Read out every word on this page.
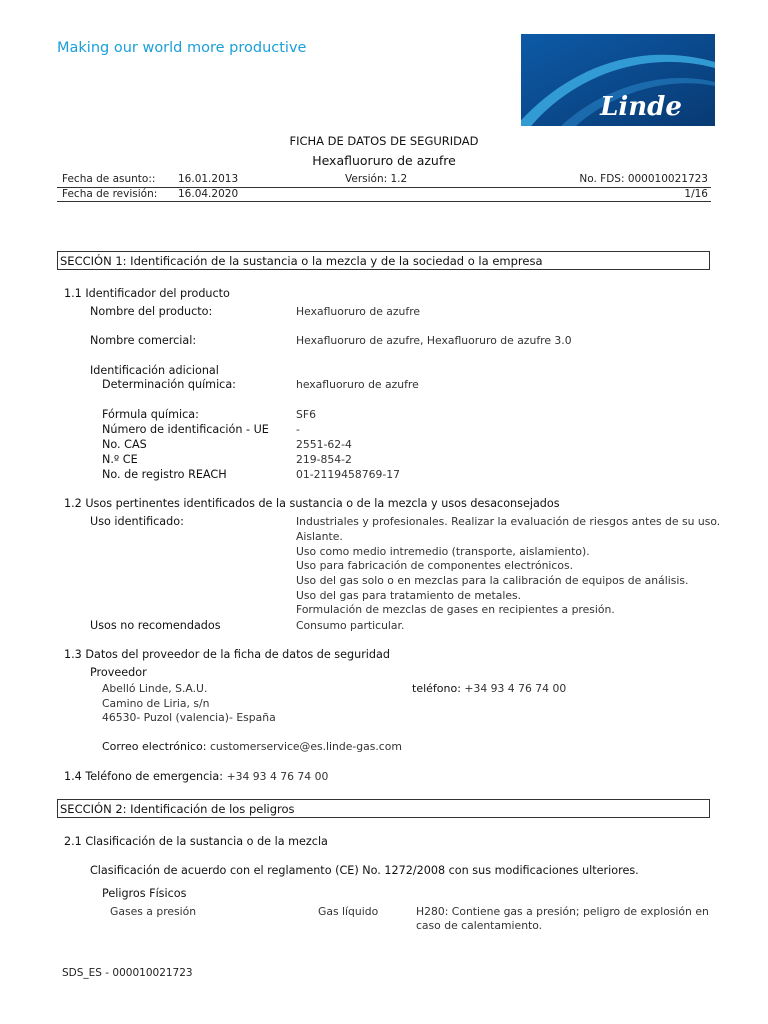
Making our world more productive
Linde
FICHA DE DATOS DE SEGURIDAD
Hexafluoruro de azufre
Fecha de asunto:: 16.01.2013	Versión: 1.2	No. FDS: 000010021723
Fecha de revisión: 16.04.2020	1/16
SECCIÓN 1: Identificación de la sustancia o la mezcla y de la sociedad o la empresa
1.1 Identificador del producto
Nombre del producto:	Hexafluoruro de azufre
Nombre comercial:	Hexafluoruro de azufre, Hexafluoruro de azufre 3.0
Identificación adicional
Determinación química:	hexafluoruro de azufre
Fórmula química:	SF6
Número de identificación - UE	-
No. CAS	2551-62-4
N.º CE	219-854-2
No. de registro REACH	01-2119458769-17
1.2 Usos pertinentes identificados de la sustancia o de la mezcla y usos desaconsejados
Uso identificado:	Industriales y profesionales. Realizar la evaluación de riesgos antes de su uso.
Aislante.
Uso como medio intremedio (transporte, aislamiento).
Uso para fabricación de componentes electrónicos.
Uso del gas solo o en mezclas para la calibración de equipos de análisis.
Uso del gas para tratamiento de metales.
Formulación de mezclas de gases en recipientes a presión.
Usos no recomendados	Consumo particular.
1.3 Datos del proveedor de la ficha de datos de seguridad
Proveedor
Abelló Linde, S.A.U.
Camino de Liria, s/n
46530- Puzol (valencia)- España
teléfono: +34 93 4 76 74 00
Correo electrónico: customerservice@es.linde-gas.com
1.4 Teléfono de emergencia: +34 93 4 76 74 00
SECCIÓN 2: Identificación de los peligros
2.1 Clasificación de la sustancia o de la mezcla
Clasificación de acuerdo con el reglamento (CE) No. 1272/2008 con sus modificaciones ulteriores.
Peligros Físicos
Gases a presión	Gas líquido	H280: Contiene gas a presión; peligro de explosión en
caso de calentamiento.
SDS_ES - 000010021723
